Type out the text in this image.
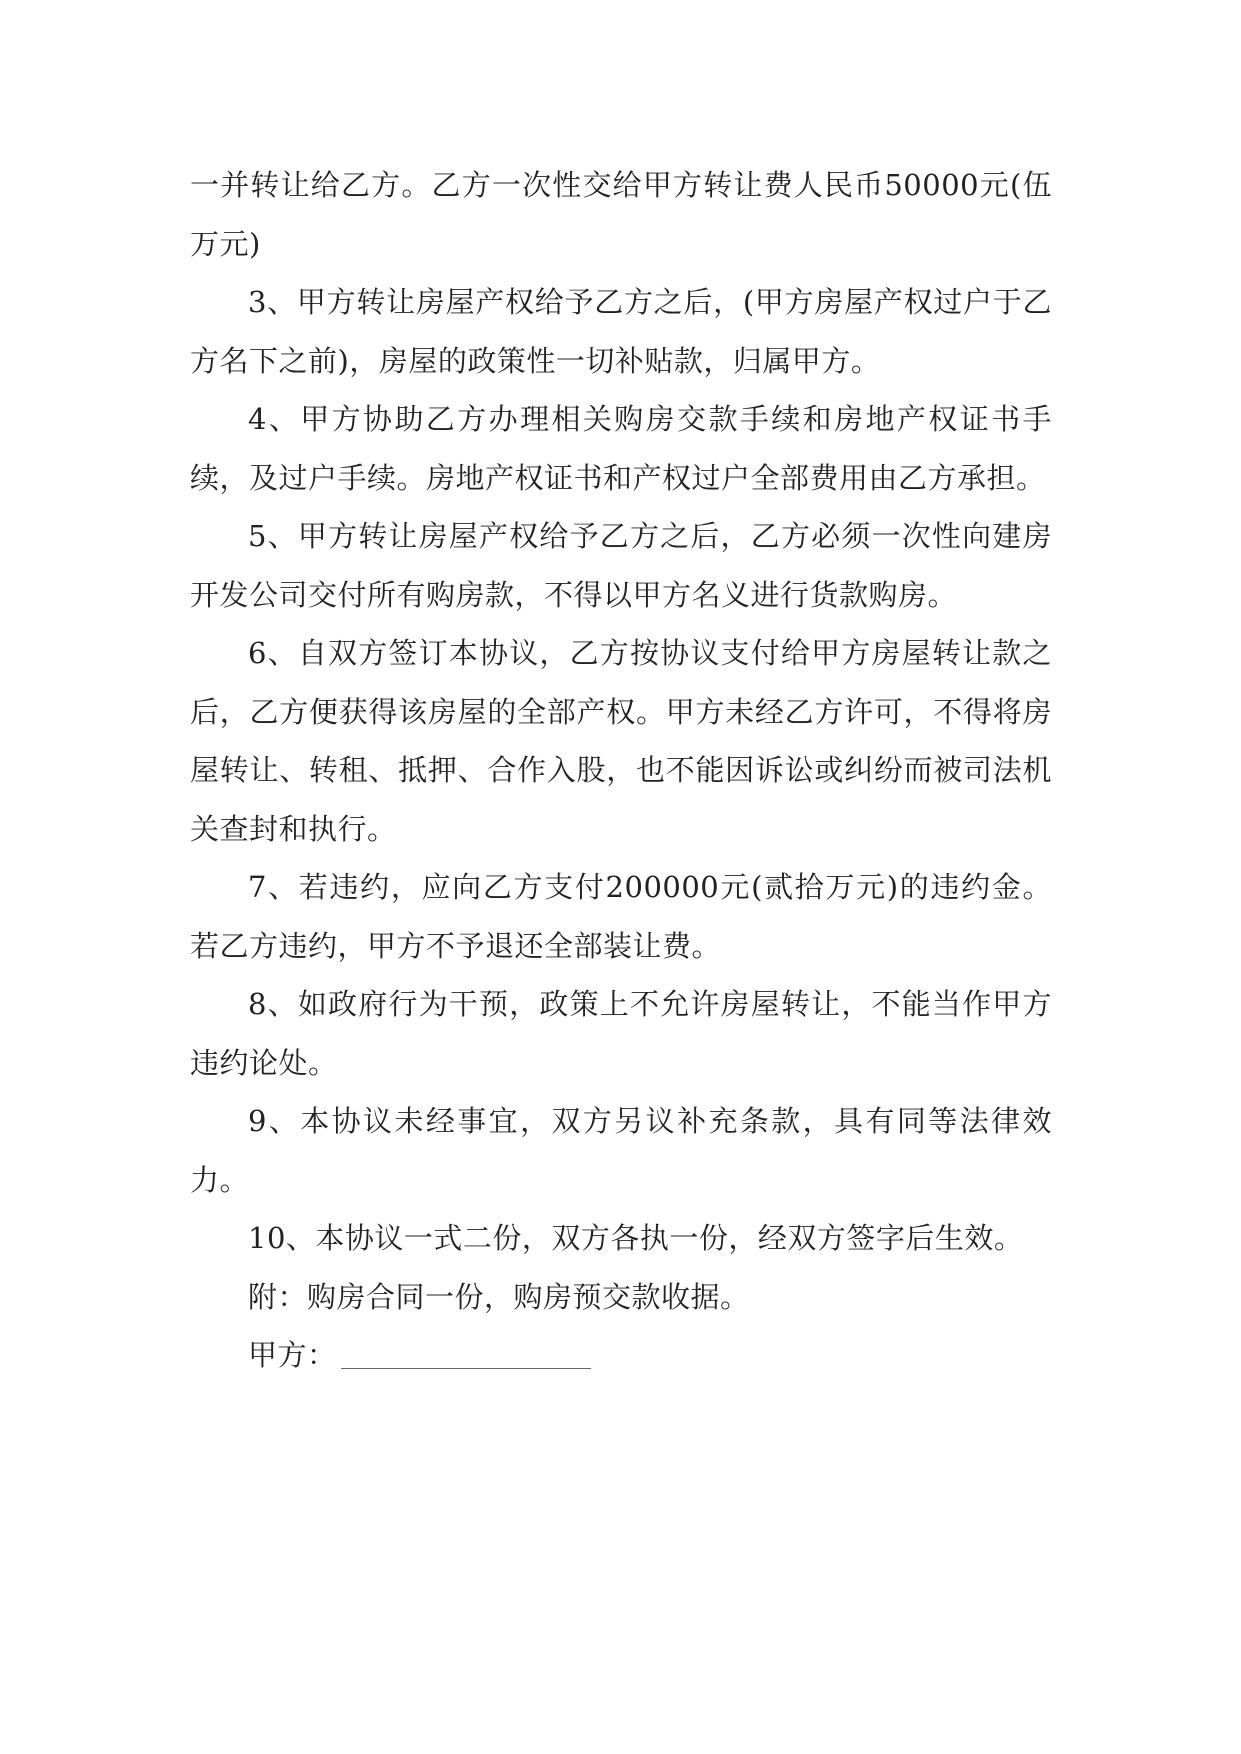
一并转让给乙方。乙方一次性交给甲方转让费人民币50000元(伍万元)

3、甲方转让房屋产权给予乙方之后，(甲方房屋产权过户于乙方名下之前)，房屋的政策性一切补贴款，归属甲方。

4、甲方协助乙方办理相关购房交款手续和房地产权证书手续，及过户手续。房地产权证书和产权过户全部费用由乙方承担。

5、甲方转让房屋产权给予乙方之后，乙方必须一次性向建房开发公司交付所有购房款，不得以甲方名义进行货款购房。

6、自双方签订本协议，乙方按协议支付给甲方房屋转让款之后，乙方便获得该房屋的全部产权。甲方未经乙方许可，不得将房屋转让、转租、抵押、合作入股，也不能因诉讼或纠纷而被司法机关查封和执行。

7、若违约，应向乙方支付200000元(贰拾万元)的违约金。若乙方违约，甲方不予退还全部装让费。

8、如政府行为干预，政策上不允许房屋转让，不能当作甲方违约论处。

9、本协议未经事宜，双方另议补充条款，具有同等法律效力。

10、本协议一式二份，双方各执一份，经双方签字后生效。

附：购房合同一份，购房预交款收据。

甲方：
